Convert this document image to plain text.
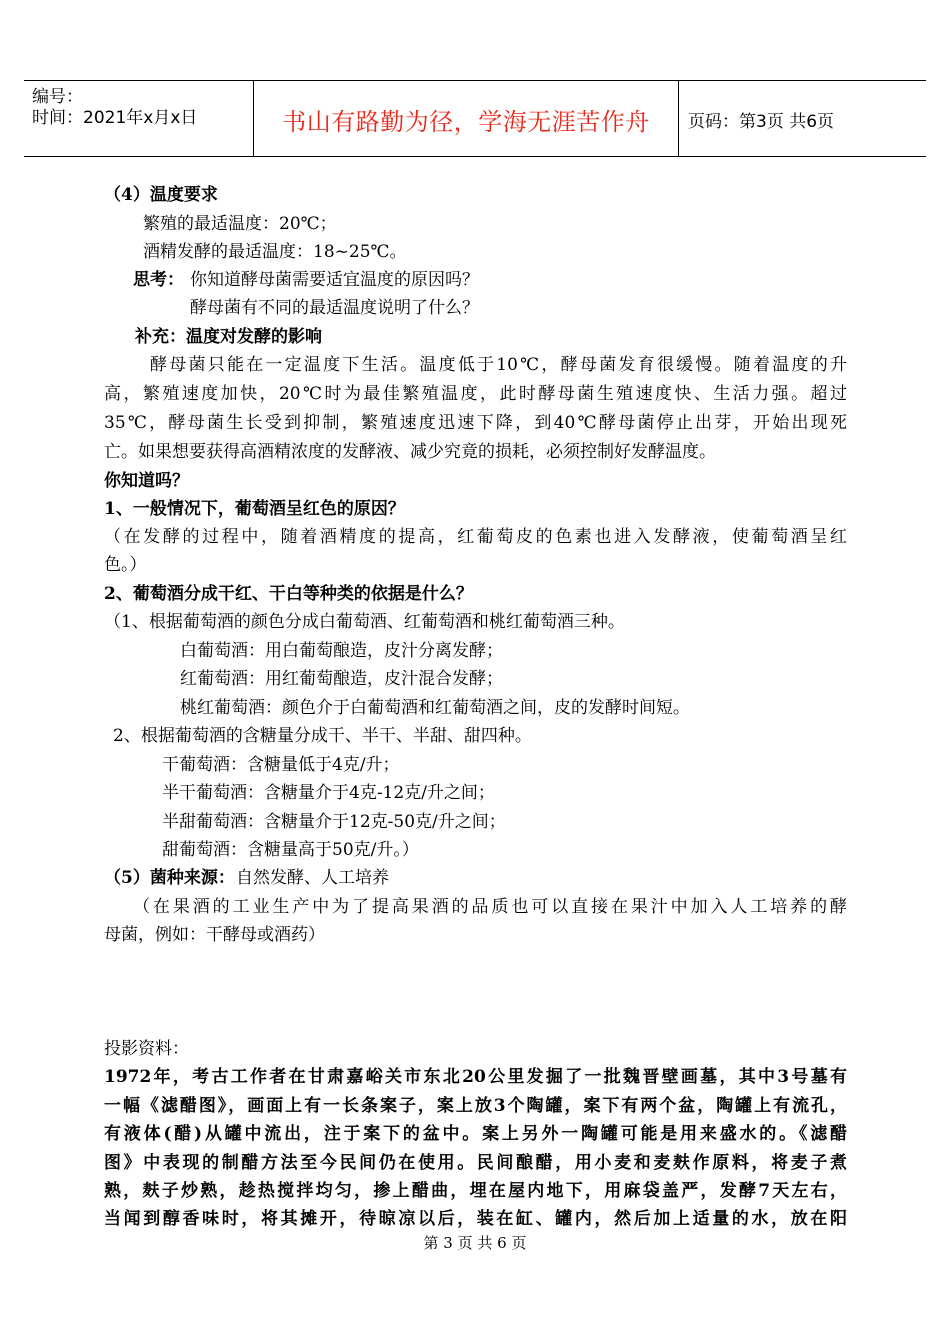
编号：
时间：2021年x月x日	书山有路勤为径，学海无涯苦作舟	页码：第3页 共6页
（4）温度要求
繁殖的最适温度：20℃；
酒精发酵的最适温度：18~25℃。
思考： 你知道酵母菌需要适宜温度的原因吗？
酵母菌有不同的最适温度说明了什么？
补充：温度对发酵的影响
酵母菌只能在一定温度下生活。温度低于10℃，酵母菌发育很缓慢。随着温度的升
高，繁殖速度加快，20℃时为最佳繁殖温度，此时酵母菌生殖速度快、生活力强。超过
35℃，酵母菌生长受到抑制，繁殖速度迅速下降，到40℃酵母菌停止出芽，开始出现死
亡。如果想要获得高酒精浓度的发酵液、减少究竟的损耗，必须控制好发酵温度。
你知道吗？
1、一般情况下，葡萄酒呈红色的原因？
（在发酵的过程中，随着酒精度的提高，红葡萄皮的色素也进入发酵液，使葡萄酒呈红
色。）
2、葡萄酒分成干红、干白等种类的依据是什么？
（1、根据葡萄酒的颜色分成白葡萄酒、红葡萄酒和桃红葡萄酒三种。
白葡萄酒：用白葡萄酿造，皮汁分离发酵；
红葡萄酒：用红葡萄酿造，皮汁混合发酵；
桃红葡萄酒：颜色介于白葡萄酒和红葡萄酒之间，皮的发酵时间短。
2、根据葡萄酒的含糖量分成干、半干、半甜、甜四种。
干葡萄酒：含糖量低于4克/升；
半干葡萄酒：含糖量介于4克-12克/升之间；
半甜葡萄酒：含糖量介于12克-50克/升之间；
甜葡萄酒：含糖量高于50克/升。）
（5）菌种来源： 自然发酵、人工培养
（在果酒的工业生产中为了提高果酒的品质也可以直接在果汁中加入人工培养的酵
母菌，例如：干酵母或酒药）
投影资料：
1972年，考古工作者在甘肃嘉峪关市东北20公里发掘了一批魏晋壁画墓，其中3号墓有
一幅《滤醋图》，画面上有一长条案子，案上放3个陶罐，案下有两个盆，陶罐上有流孔，
有液体(醋)从罐中流出，注于案下的盆中。案上另外一陶罐可能是用来盛水的。《滤醋
图》中表现的制醋方法至今民间仍在使用。民间酿醋，用小麦和麦麸作原料，将麦子煮
熟，麸子炒熟，趁热搅拌均匀，掺上醋曲，埋在屋内地下，用麻袋盖严，发酵7天左右，
当闻到醇香味时，将其摊开，待晾凉以后，装在缸、罐内，然后加上适量的水，放在阳
第 3 页 共 6 页
